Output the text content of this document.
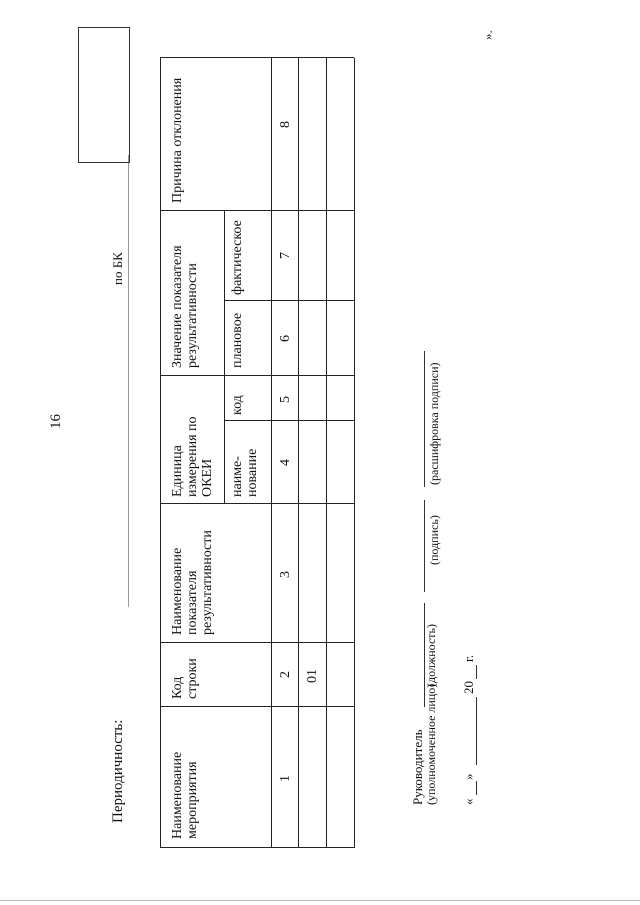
16
Периодичность:
по БК
».
Наименование мероприятия
Код строки
Наименование показателя результативности
Единица измерения по ОКЕИ наиме-нование
код
Значение показателя результативности плановое
фактическое
Причина отклонения
1
2
3
4
5
6
7
8
01
Руководитель (уполномоченное лицо)
(должность)
(подпись)
(расшифровка подписи)
«
»
20
г.
